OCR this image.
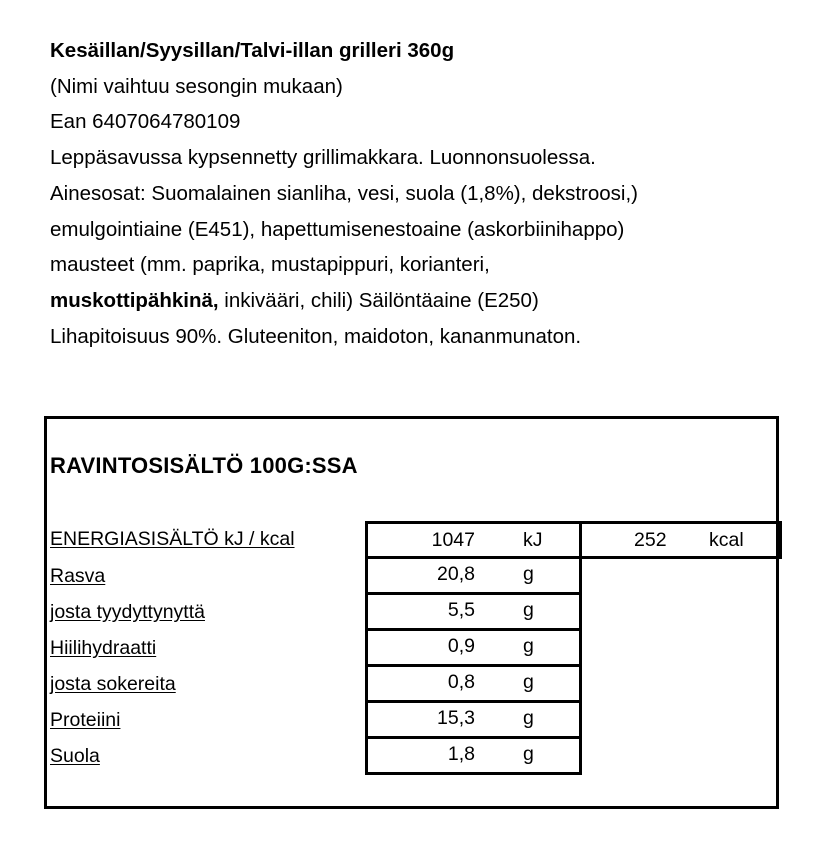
Kesäillan/Syysillan/Talvi-illan grilleri 360g
(Nimi vaihtuu sesongin mukaan)
Ean 6407064780109
Leppäsavussa kypsennetty grillimakkara. Luonnonsuolessa.
Ainesosat: Suomalainen sianliha, vesi, suola (1,8%), dekstroosi,)
emulgointiaine (E451), hapettumisenestoaine (askorbiinihappo)
mausteet (mm. paprika, mustapippuri, korianteri,
muskottipähkinä, inkivääri, chili) Säilöntäaine (E250)
Lihapitoisuus 90%. Gluteeniton, maidoton, kananmunaton.
RAVINTOSISÄLTÖ 100G:SSA
ENERGIASISÄLTÖ kJ / kcal	1047 kJ	252 kcal
Rasva	20,8 g
josta tyydyttynyttä	5,5 g
Hiilihydraatti	0,9 g
josta sokereita	0,8 g
Proteiini	15,3 g
Suola	1,8 g
